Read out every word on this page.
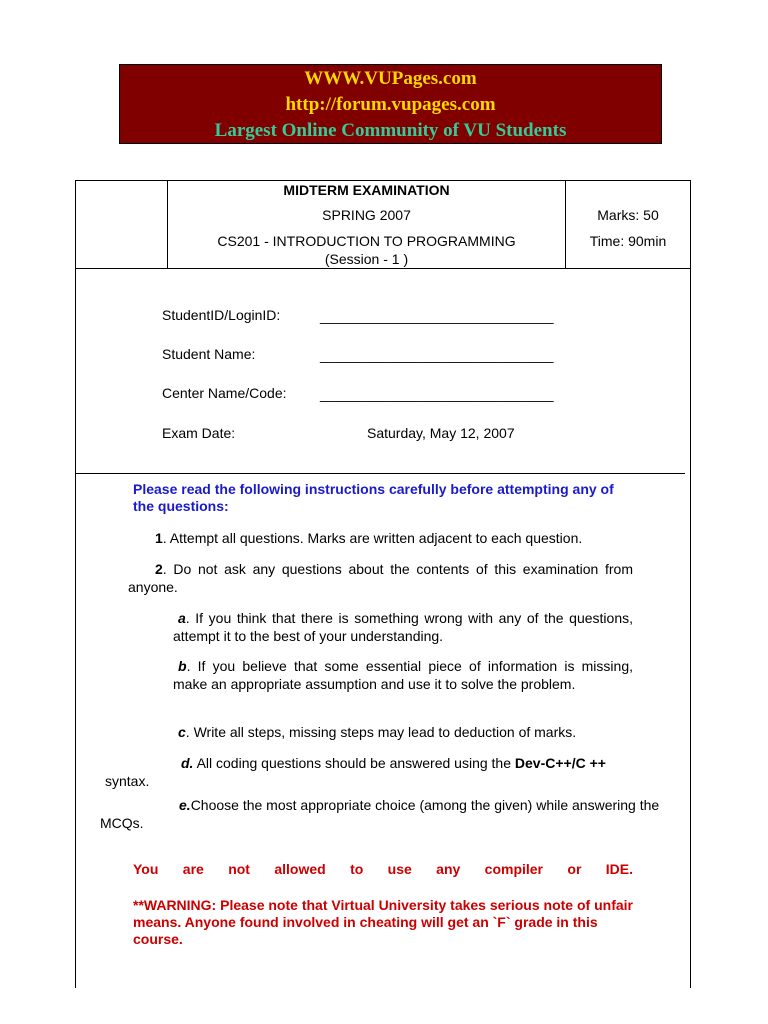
WWW.VUPages.com
http://forum.vupages.com
Largest Online Community of VU Students
MIDTERM EXAMINATION
SPRING 2007
CS201 - INTRODUCTION TO PROGRAMMING
(Session - 1 )
Marks: 50
Time: 90min
StudentID/LoginID:	______________________________
Student Name:	______________________________
Center Name/Code: ______________________________
Exam Date:	Saturday, May 12, 2007
Please read the following instructions carefully before attempting any of the questions:
1. Attempt all questions. Marks are written adjacent to each question.
2. Do not ask any questions about the contents of this examination from anyone.
a. If you think that there is something wrong with any of the questions, attempt it to the best of your understanding.
b. If you believe that some essential piece of information is missing, make an appropriate assumption and use it to solve the problem.
c. Write all steps, missing steps may lead to deduction of marks.
d. All coding questions should be answered using the Dev-C++/C ++ syntax.
e.Choose the most appropriate choice (among the given) while answering the MCQs.
You are not allowed to use any compiler or IDE.
**WARNING: Please note that Virtual University takes serious note of unfair means. Anyone found involved in cheating will get an `F` grade in this course.
